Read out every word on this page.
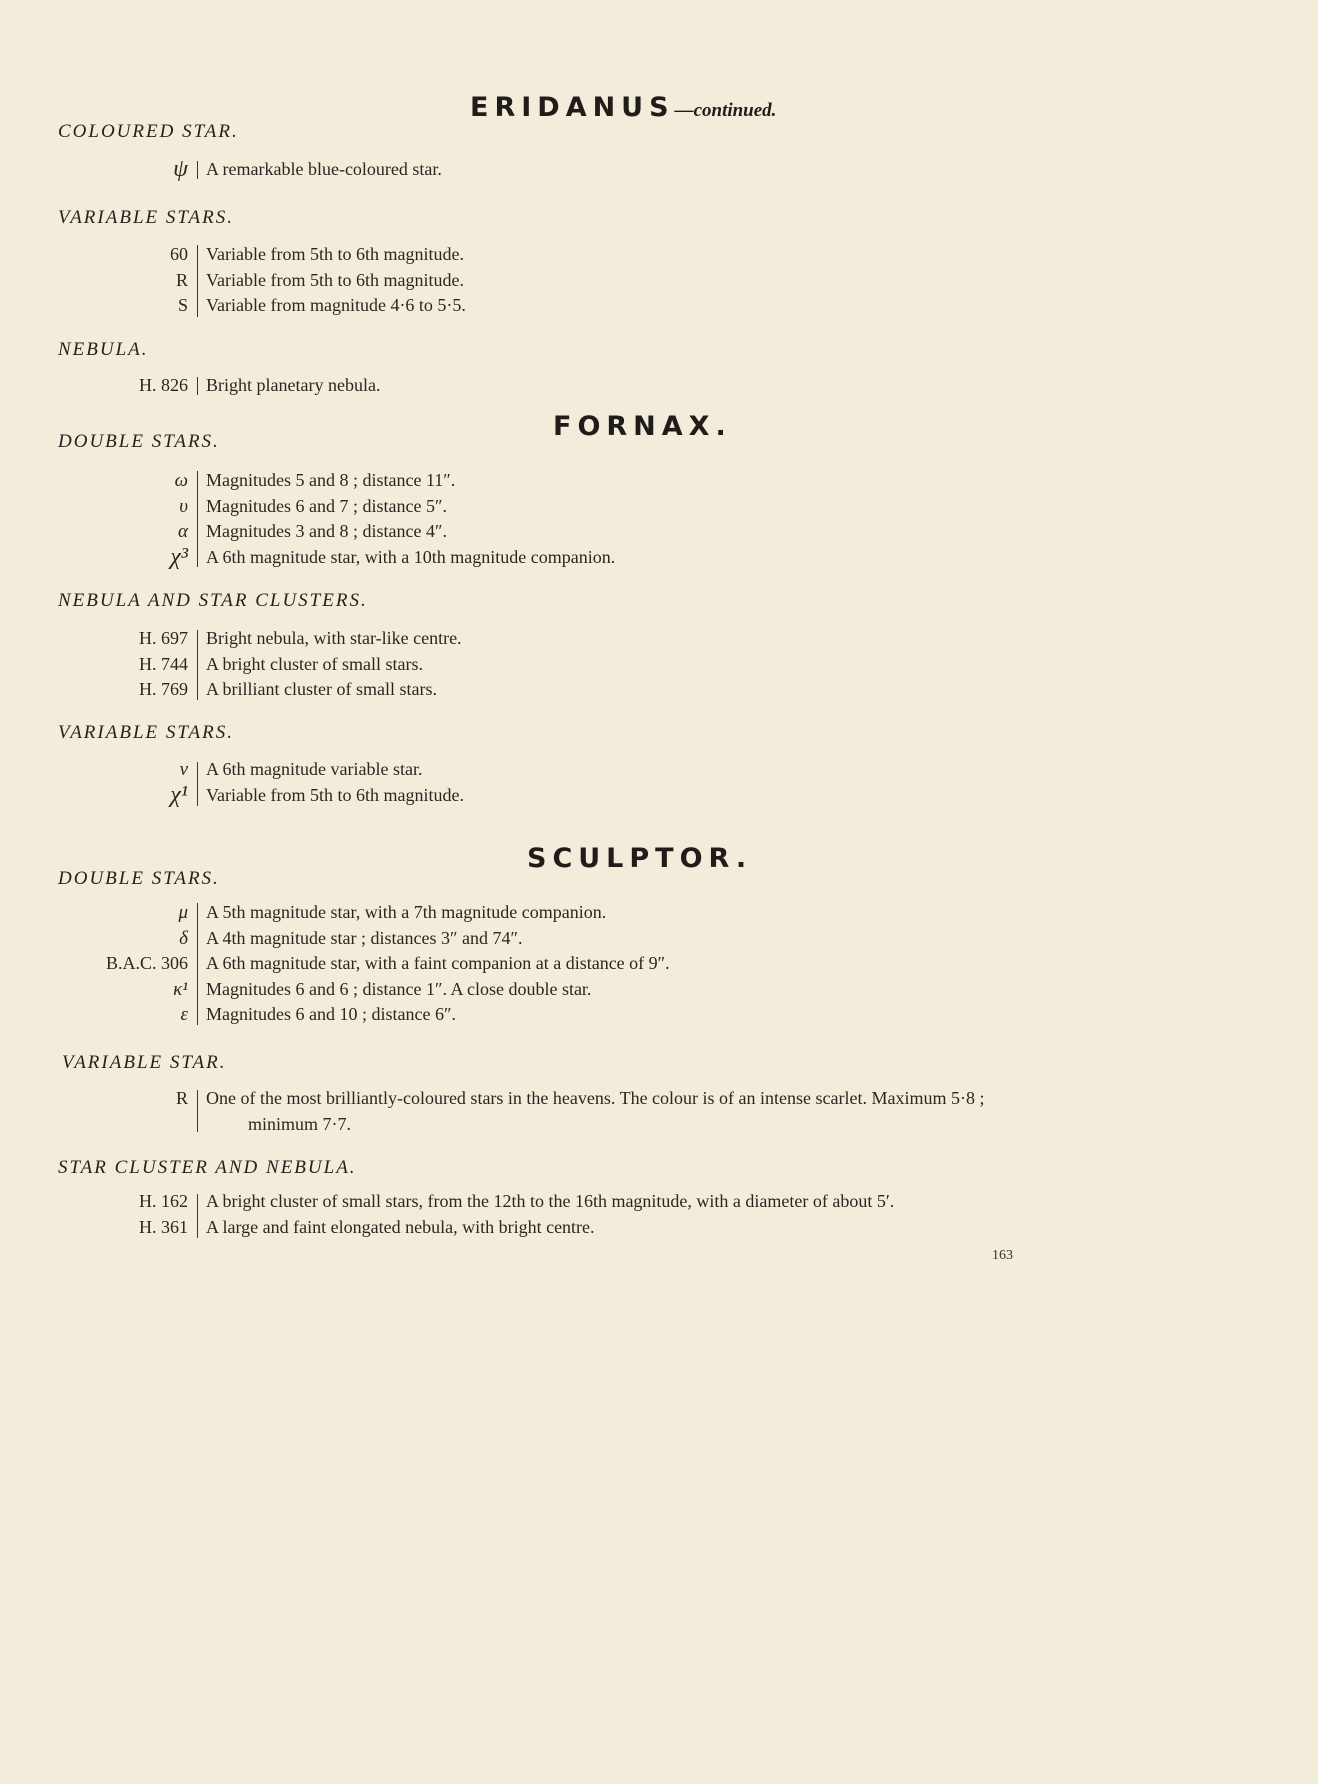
ERIDANUS—continued.
COLOURED STAR.
ψ A remarkable blue-coloured star.
VARIABLE STARS.
60 Variable from 5th to 6th magnitude.
R Variable from 5th to 6th magnitude.
S Variable from magnitude 4·6 to 5·5.
NEBULA.
H. 826 Bright planetary nebula.
FORNAX.
DOUBLE STARS.
ω Magnitudes 5 and 8 ; distance 11″.
υ Magnitudes 6 and 7 ; distance 5″.
α Magnitudes 3 and 8 ; distance 4″.
χ³ A 6th magnitude star, with a 10th magnitude companion.
NEBULA AND STAR CLUSTERS.
H. 697 Bright nebula, with star-like centre.
H. 744 A bright cluster of small stars.
H. 769 A brilliant cluster of small stars.
VARIABLE STARS.
ν A 6th magnitude variable star.
χ¹ Variable from 5th to 6th magnitude.
SCULPTOR.
DOUBLE STARS.
μ A 5th magnitude star, with a 7th magnitude companion.
δ A 4th magnitude star ; distances 3″ and 74″.
B.A.C. 306 A 6th magnitude star, with a faint companion at a distance of 9″.
κ¹ Magnitudes 6 and 6 ; distance 1″. A close double star.
ε Magnitudes 6 and 10 ; distance 6″.
VARIABLE STAR.
R One of the most brilliantly-coloured stars in the heavens. The colour is of an intense scarlet. Maximum 5·8 ;
minimum 7·7.
STAR CLUSTER AND NEBULA.
H. 162 A bright cluster of small stars, from the 12th to the 16th magnitude, with a diameter of about 5′.
H. 361 A large and faint elongated nebula, with bright centre.
163
